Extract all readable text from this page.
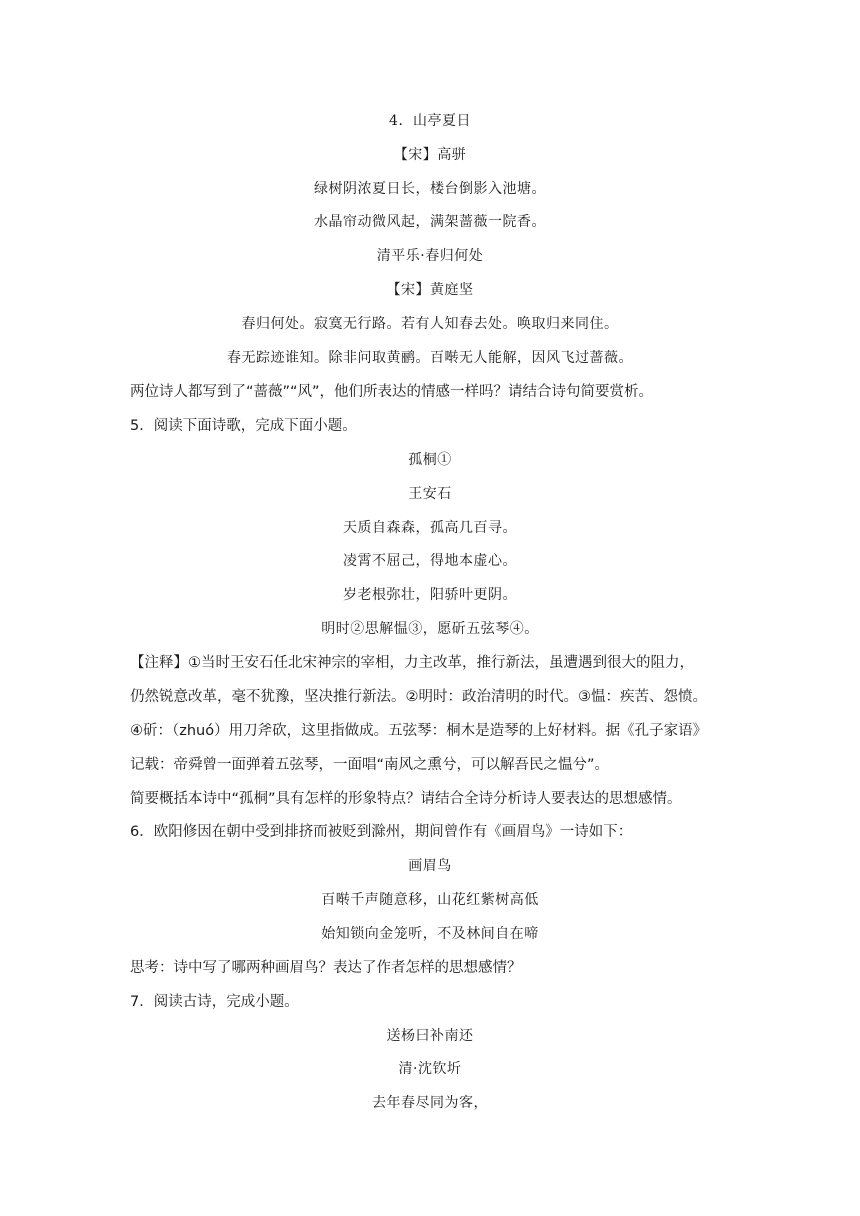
4．山亭夏日
【宋】高骈
绿树阴浓夏日长，楼台倒影入池塘。
水晶帘动微风起，满架蔷薇一院香。
清平乐·春归何处
【宋】黄庭坚
春归何处。寂寞无行路。若有人知春去处。唤取归来同住。
春无踪迹谁知。除非问取黄鹂。百啭无人能解，因风飞过蔷薇。
两位诗人都写到了“蔷薇”“风”，他们所表达的情感一样吗？请结合诗句简要赏析。
5．阅读下面诗歌，完成下面小题。
孤桐①
王安石
天质自森森，孤高几百寻。
凌霄不屈己，得地本虚心。
岁老根弥壮，阳骄叶更阴。
明时②思解愠③，愿斫五弦琴④。
【注释】①当时王安石任北宋神宗的宰相，力主改革，推行新法，虽遭遇到很大的阻力，
仍然锐意改革，毫不犹豫，坚决推行新法。②明时：政治清明的时代。③愠：疾苦、怨愤。
④斫：（zhuó）用刀斧砍，这里指做成。五弦琴：桐木是造琴的上好材料。据《孔子家语》
记载：帝舜曾一面弹着五弦琴，一面唱“南风之熏兮，可以解吾民之愠兮”。
简要概括本诗中“孤桐”具有怎样的形象特点？请结合全诗分析诗人要表达的思想感情。
6．欧阳修因在朝中受到排挤而被贬到滁州，期间曾作有《画眉鸟》一诗如下：
画眉鸟
百啭千声随意移，山花红紫树高低
始知锁向金笼听，不及林间自在啼
思考：诗中写了哪两种画眉鸟？表达了作者怎样的思想感情？
7．阅读古诗，完成小题。
送杨曰补南还
清·沈钦圻
去年春尽同为客，
